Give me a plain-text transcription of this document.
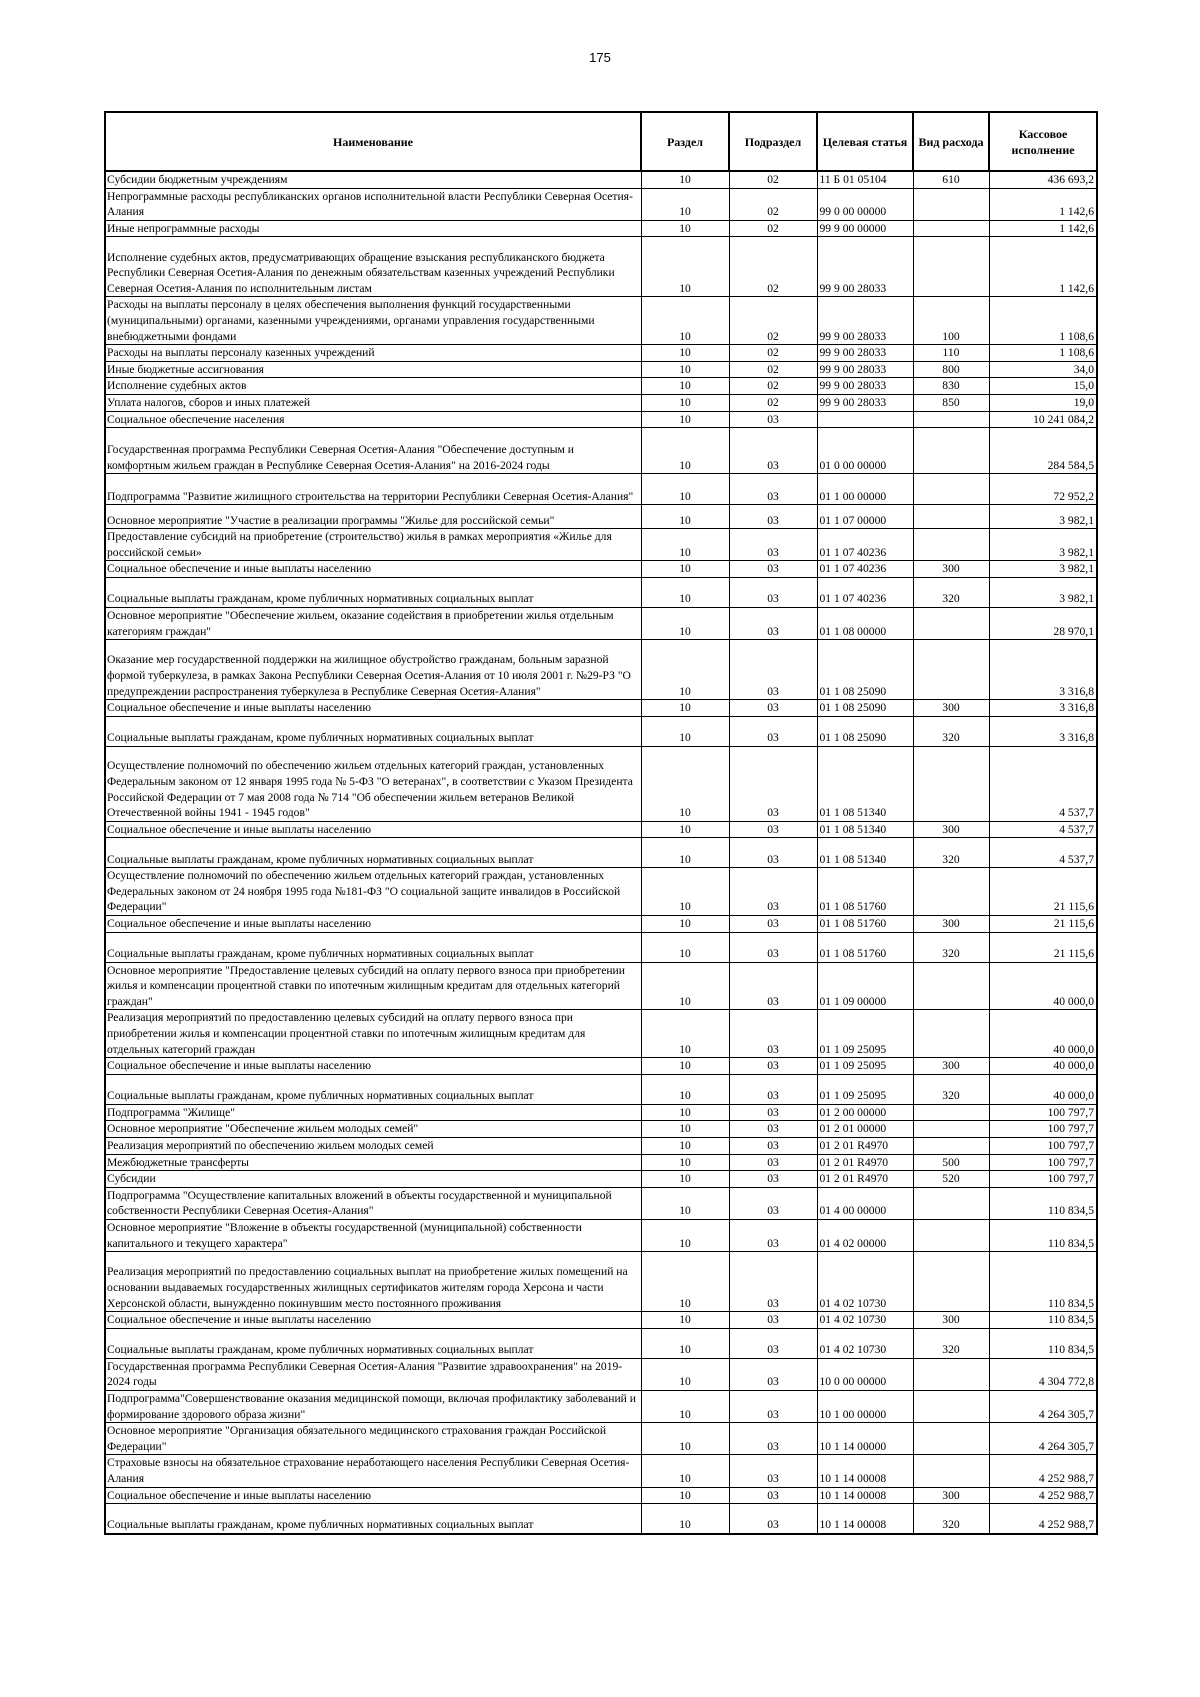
175
Наименование	Раздел	Подраздел	Целевая статья	Вид расхода	Кассовое исполнение
Субсидии бюджетным учреждениям	10	02	11 Б 01 05104	610	436 693,2
Непрограммные расходы республиканских органов исполнительной власти Республики Северная Осетия-Алания	10	02	99 0 00 00000		1 142,6
Иные непрограммные расходы	10	02	99 9 00 00000		1 142,6
Исполнение судебных актов, предусматривающих обращение взыскания республиканского бюджета Республики Северная Осетия-Алания по денежным обязательствам казенных учреждений Республики Северная Осетия-Алания по исполнительным листам	10	02	99 9 00 28033		1 142,6
Расходы на выплаты персоналу в целях обеспечения выполнения функций государственными (муниципальными) органами, казенными учреждениями, органами управления государственными внебюджетными фондами	10	02	99 9 00 28033	100	1 108,6
Расходы на выплаты персоналу казенных учреждений	10	02	99 9 00 28033	110	1 108,6
Иные бюджетные ассигнования	10	02	99 9 00 28033	800	34,0
Исполнение судебных актов	10	02	99 9 00 28033	830	15,0
Уплата налогов, сборов и иных платежей	10	02	99 9 00 28033	850	19,0
Социальное обеспечение населения	10	03			10 241 084,2
Государственная программа Республики Северная Осетия-Алания "Обеспечение доступным и комфортным жильем граждан в Республике Северная Осетия-Алания" на 2016-2024 годы	10	03	01 0 00 00000		284 584,5
Подпрограмма "Развитие жилищного строительства на территории Республики Северная Осетия-Алания"	10	03	01 1 00 00000		72 952,2
Основное мероприятие "Участие в реализации программы "Жилье для российской семьи"	10	03	01 1 07 00000		3 982,1
Предоставление субсидий на приобретение (строительство) жилья в рамках мероприятия «Жилье для российской семьи»	10	03	01 1 07 40236		3 982,1
Социальное обеспечение и иные выплаты населению	10	03	01 1 07 40236	300	3 982,1
Социальные выплаты гражданам, кроме публичных нормативных социальных выплат	10	03	01 1 07 40236	320	3 982,1
Основное мероприятие "Обеспечение жильем, оказание содействия в приобретении жилья отдельным категориям граждан"	10	03	01 1 08 00000		28 970,1
Оказание мер государственной поддержки на жилищное обустройство гражданам, больным заразной формой туберкулеза, в рамках Закона Республики Северная Осетия-Алания от 10 июля 2001 г. №29-РЗ "О предупреждении распространения туберкулеза в Республике Северная Осетия-Алания"	10	03	01 1 08 25090		3 316,8
Социальное обеспечение и иные выплаты населению	10	03	01 1 08 25090	300	3 316,8
Социальные выплаты гражданам, кроме публичных нормативных социальных выплат	10	03	01 1 08 25090	320	3 316,8
Осуществление полномочий по обеспечению жильем отдельных категорий граждан, установленных Федеральным законом от 12 января 1995 года № 5-ФЗ "О ветеранах", в соответствии с Указом Президента Российской Федерации от 7 мая 2008 года № 714 "Об обеспечении жильем ветеранов Великой Отечественной войны 1941 - 1945 годов"	10	03	01 1 08 51340		4 537,7
Социальное обеспечение и иные выплаты населению	10	03	01 1 08 51340	300	4 537,7
Социальные выплаты гражданам, кроме публичных нормативных социальных выплат	10	03	01 1 08 51340	320	4 537,7
Осуществление полномочий по обеспечению жильем отдельных категорий граждан, установленных Федеральных законом от 24 ноября 1995 года №181-ФЗ "О социальной защите инвалидов в Российской Федерации"	10	03	01 1 08 51760		21 115,6
Социальное обеспечение и иные выплаты населению	10	03	01 1 08 51760	300	21 115,6
Социальные выплаты гражданам, кроме публичных нормативных социальных выплат	10	03	01 1 08 51760	320	21 115,6
Основное мероприятие "Предоставление целевых субсидий на оплату первого взноса при приобретении жилья и компенсации процентной ставки по ипотечным жилищным кредитам для отдельных категорий граждан"	10	03	01 1 09 00000		40 000,0
Реализация мероприятий по предоставлению целевых субсидий на оплату первого взноса при приобретении жилья и компенсации процентной ставки по ипотечным жилищным кредитам для отдельных категорий граждан	10	03	01 1 09 25095		40 000,0
Социальное обеспечение и иные выплаты населению	10	03	01 1 09 25095	300	40 000,0
Социальные выплаты гражданам, кроме публичных нормативных социальных выплат	10	03	01 1 09 25095	320	40 000,0
Подпрограмма "Жилище"	10	03	01 2 00 00000		100 797,7
Основное мероприятие "Обеспечение жильем молодых семей"	10	03	01 2 01 00000		100 797,7
Реализация мероприятий по обеспечению жильем молодых семей	10	03	01 2 01 R4970		100 797,7
Межбюджетные трансферты	10	03	01 2 01 R4970	500	100 797,7
Субсидии	10	03	01 2 01 R4970	520	100 797,7
Подпрограмма "Осуществление капитальных вложений в объекты государственной и муниципальной собственности Республики Северная Осетия-Алания"	10	03	01 4 00 00000		110 834,5
Основное мероприятие "Вложение в объекты государственной (муниципальной) собственности капитального и текущего характера"	10	03	01 4 02 00000		110 834,5
Реализация мероприятий по предоставлению социальных выплат на приобретение жилых помещений на основании выдаваемых государственных жилищных сертификатов жителям города Херсона и части Херсонской области, вынужденно покинувшим место постоянного проживания	10	03	01 4 02 10730		110 834,5
Социальное обеспечение и иные выплаты населению	10	03	01 4 02 10730	300	110 834,5
Социальные выплаты гражданам, кроме публичных нормативных социальных выплат	10	03	01 4 02 10730	320	110 834,5
Государственная программа Республики Северная Осетия-Алания "Развитие здравоохранения" на 2019-2024 годы	10	03	10 0 00 00000		4 304 772,8
Подпрограмма"Совершенствование оказания медицинской помощи, включая профилактику заболеваний и формирование здорового образа жизни"	10	03	10 1 00 00000		4 264 305,7
Основное мероприятие "Организация обязательного медицинского страхования граждан Российской Федерации"	10	03	10 1 14 00000		4 264 305,7
Страховые взносы на обязательное страхование неработающего населения Республики Северная Осетия-Алания	10	03	10 1 14 00008		4 252 988,7
Социальное обеспечение и иные выплаты населению	10	03	10 1 14 00008	300	4 252 988,7
Социальные выплаты гражданам, кроме публичных нормативных социальных выплат	10	03	10 1 14 00008	320	4 252 988,7
